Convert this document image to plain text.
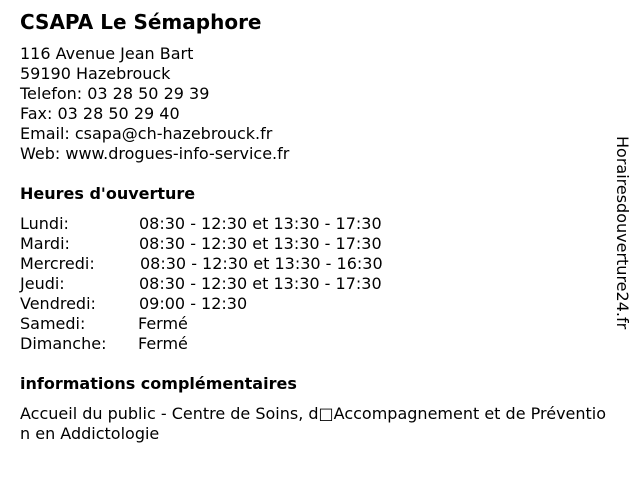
CSAPA Le Sémaphore
116 Avenue Jean Bart
59190 Hazebrouck
Telefon: 03 28 50 29 39
Fax: 03 28 50 29 40
Email: csapa@ch-hazebrouck.fr
Web: www.drogues-info-service.fr
Heures d'ouverture
Lundi:	08:30 - 12:30 et 13:30 - 17:30
Mardi:	08:30 - 12:30 et 13:30 - 17:30
Mercredi:	08:30 - 12:30 et 13:30 - 16:30
Jeudi:	08:30 - 12:30 et 13:30 - 17:30
Vendredi:	09:00 - 12:30
Samedi:	Fermé
Dimanche: Fermé
informations complémentaires
Accueil du public - Centre de Soins, d□Accompagnement et de Prévention en Addictologie
Horairesdouverture24.fr
